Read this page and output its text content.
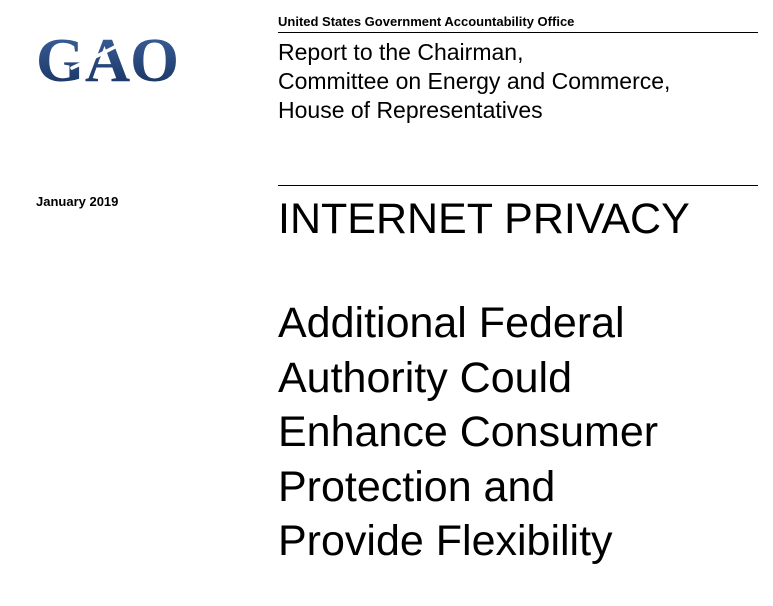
United States Government Accountability Office
GAO	Report to the Chairman,
Committee on Energy and Commerce,
House of Representatives
January 2019	INTERNET PRIVACY
Additional Federal
Authority Could
Enhance Consumer
Protection and
Provide Flexibility
